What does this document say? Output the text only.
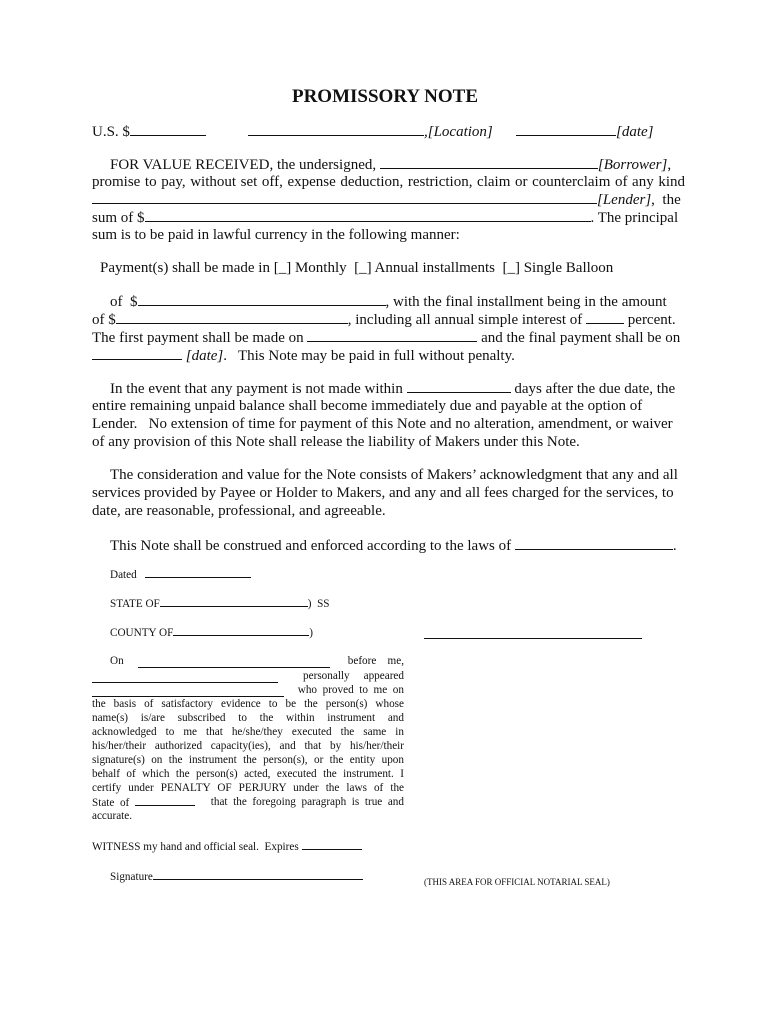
PROMISSORY NOTE
U.S. $	,[Location]	[date]
FOR VALUE RECEIVED, the undersigned,	[Borrower],
promise to pay, without set off, expense deduction, restriction, claim or counterclaim of any kind
[Lender],  the
sum of $	. The principal
sum is to be paid in lawful currency in the following manner:
Payment(s) shall be made in [_] Monthly [_] Annual installments [_] Single Balloon
of  $	, with the final installment being in the amount
of $	, including all annual simple interest of	percent.
The first payment shall be made on	and the final payment shall be on
[date].   This Note may be paid in full without penalty.
In the event that any payment is not made within	days after the due date, the
entire remaining unpaid balance shall become immediately due and payable at the option of
Lender.   No extension of time for payment of this Note and no alteration, amendment, or waiver
of any provision of this Note shall release the liability of Makers under this Note.
The consideration and value for the Note consists of Makers’ acknowledgment that any and all
services provided by Payee or Holder to Makers, and any and all fees charged for the services, to
date, are reasonable, professional, and agreeable.
This Note shall be construed and enforced according to the laws of	.
Dated
STATE OF	)  SS
COUNTY OF	)
On	before    me,
personally     appeared
who  proved  to  me  on
the basis of satisfactory evidence to be the person(s) whose
name(s) is/are subscribed to the within instrument and
acknowledged to me that he/she/they executed the same in
his/her/their authorized capacity(ies), and that by his/her/their
signature(s) on the instrument the person(s), or the entity upon
behalf of which the person(s) acted, executed the instrument. I
certify under PENALTY OF PERJURY under the laws of the
State  of	that  the  foregoing  paragraph  is  true  and
accurate.
WITNESS my hand and official seal.  Expires
Signature	(THIS AREA FOR OFFICIAL NOTARIAL SEAL)
